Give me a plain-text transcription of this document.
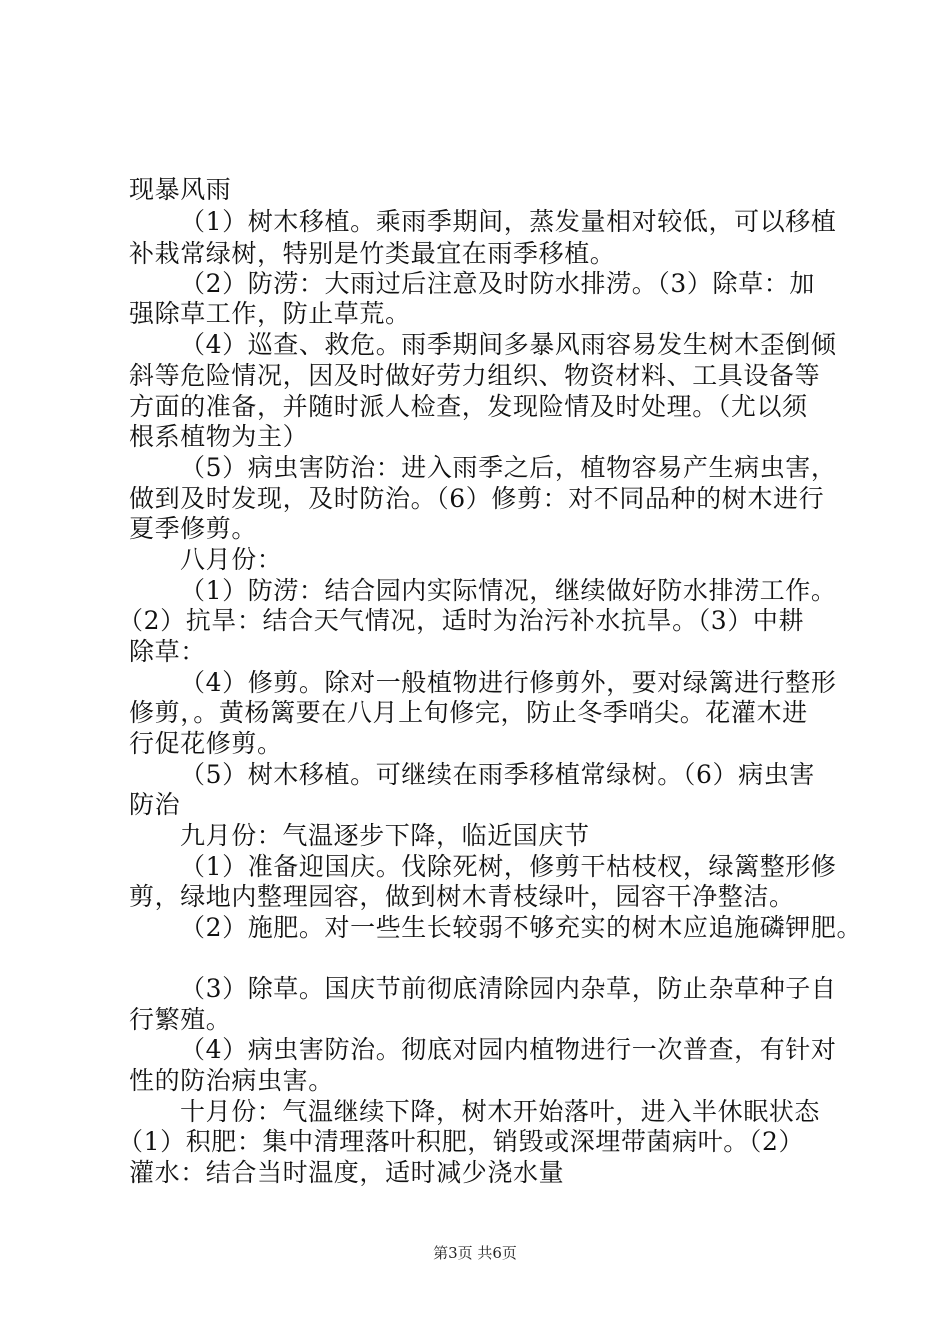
现暴风雨
（1）树木移植。乘雨季期间，蒸发量相对较低，可以移植
补栽常绿树，特别是竹类最宜在雨季移植。
（2）防涝：大雨过后注意及时防水排涝。（3）除草：加
强除草工作，防止草荒。
（4）巡查、救危。雨季期间多暴风雨容易发生树木歪倒倾
斜等危险情况，因及时做好劳力组织、物资材料、工具设备等
方面的准备，并随时派人检查，发现险情及时处理。（尤以须
根系植物为主）
（5）病虫害防治：进入雨季之后，植物容易产生病虫害，
做到及时发现，及时防治。（6）修剪：对不同品种的树木进行
夏季修剪。
八月份：
（1）防涝：结合园内实际情况，继续做好防水排涝工作。
（2）抗旱：结合天气情况，适时为治污补水抗旱。（3）中耕
除草：
（4）修剪。除对一般植物进行修剪外，要对绿篱进行整形
修剪，。黄杨篱要在八月上旬修完，防止冬季哨尖。花灌木进
行促花修剪。
（5）树木移植。可继续在雨季移植常绿树。（6）病虫害
防治
九月份：气温逐步下降，临近国庆节
（1）准备迎国庆。伐除死树，修剪干枯枝杈，绿篱整形修
剪，绿地内整理园容，做到树木青枝绿叶，园容干净整洁。
（2）施肥。对一些生长较弱不够充实的树木应追施磷钾肥。
（3）除草。国庆节前彻底清除园内杂草，防止杂草种子自
行繁殖。
（4）病虫害防治。彻底对园内植物进行一次普查，有针对
性的防治病虫害。
十月份：气温继续下降，树木开始落叶，进入半休眠状态
（1）积肥：集中清理落叶积肥，销毁或深埋带菌病叶。（2）
灌水：结合当时温度，适时减少浇水量
第3页 共6页
